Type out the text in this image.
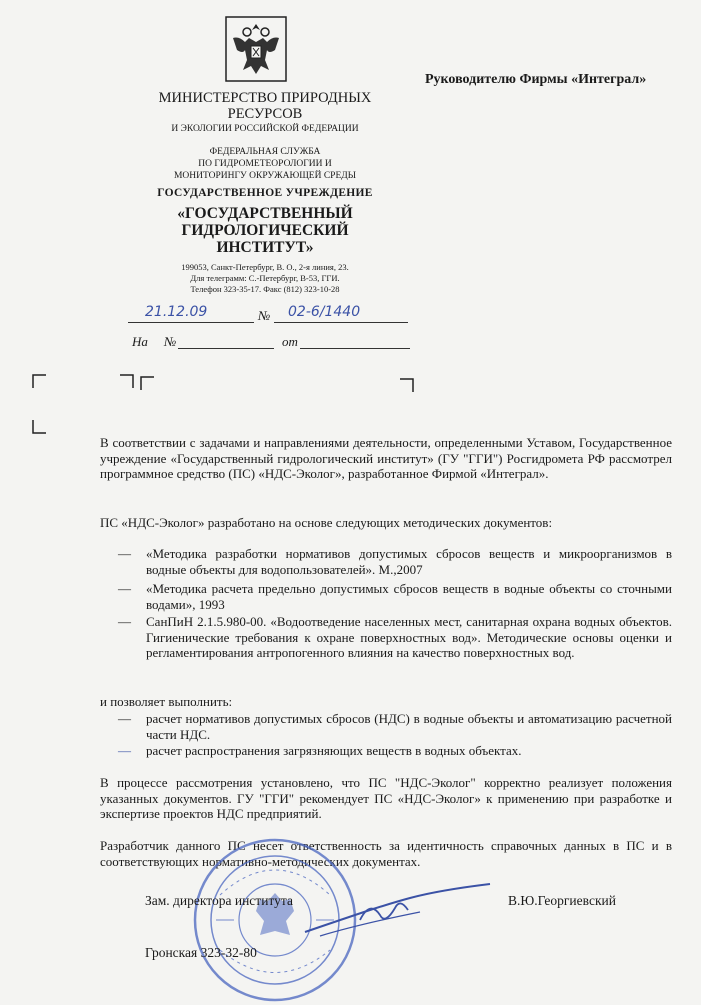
Руководителю Фирмы «Интеграл»
МИНИСТЕРСТВО ПРИРОДНЫХ РЕСУРСОВ
И ЭКОЛОГИИ РОССИЙСКОЙ ФЕДЕРАЦИИ
ФЕДЕРАЛЬНАЯ СЛУЖБА
ПО ГИДРОМЕТЕОРОЛОГИИ И
МОНИТОРИНГУ ОКРУЖАЮЩЕЙ СРЕДЫ
ГОСУДАРСТВЕННОЕ УЧРЕЖДЕНИЕ
«ГОСУДАРСТВЕННЫЙ
ГИДРОЛОГИЧЕСКИЙ
ИНСТИТУТ»
199053, Санкт-Петербург, В. О., 2-я линия, 23.
Для телеграмм: С.-Петербург, В-53, ГГИ.
Телефон 323-35-17. Факс (812) 323-10-28
21.12.09	№ 02-6/1440
На №	от
В соответствии с задачами и направлениями деятельности, определенными Уставом, Государственное учреждение «Государственный гидрологический институт» (ГУ "ГГИ") Росгидромета РФ рассмотрел программное средство (ПС) «НДС-Эколог», разработанное Фирмой «Интеграл».
ПС «НДС-Эколог» разработано на основе следующих методических документов:
—	«Методика разработки нормативов допустимых сбросов веществ и микроорганизмов в водные объекты для водопользователей». М.,2007
—	«Методика расчета предельно допустимых сбросов веществ в водные объекты со сточными водами», 1993
—	СанПиН 2.1.5.980-00. «Водоотведение населенных мест, санитарная охрана водных объектов. Гигиенические требования к охране поверхностных вод». Методические основы оценки и регламентирования антропогенного влияния на качество поверхностных вод.
и позволяет выполнить:
—	расчет нормативов допустимых сбросов (НДС) в водные объекты и автоматизацию расчетной части НДС.
—	расчет распространения загрязняющих веществ в водных объектах.
В процессе рассмотрения установлено, что ПС "НДС-Эколог" корректно реализует положения указанных документов. ГУ "ГГИ" рекомендует ПС «НДС-Эколог» к применению при разработке и экспертизе проектов НДС предприятий.
Разработчик данного ПС несет ответственность за идентичность справочных данных в ПС и в соответствующих нормативно-методических документах.
Зам. директора института	В.Ю.Георгиевский
Гронская 323-32-80
